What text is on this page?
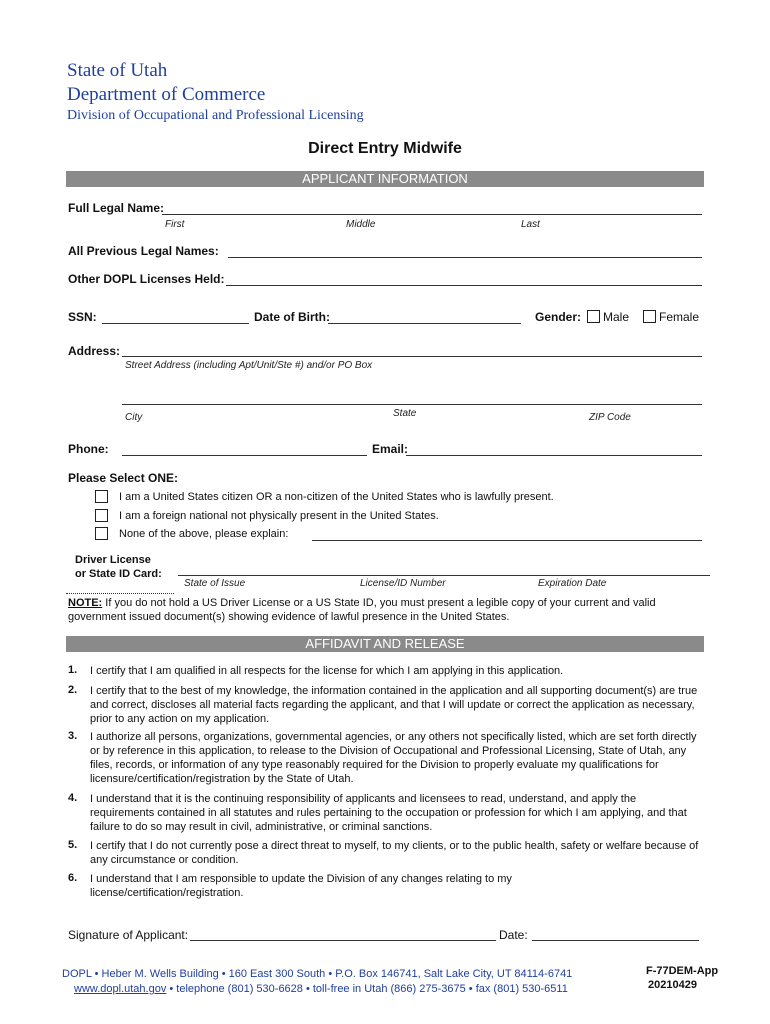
State of Utah
Department of Commerce
Division of Occupational and Professional Licensing
Direct Entry Midwife
APPLICANT INFORMATION
Full Legal Name:
First	Middle	Last
All Previous Legal Names:
Other DOPL Licenses Held:
SSN:	Date of Birth:	Gender: Male Female
Address:
Street Address (including Apt/Unit/Ste #) and/or PO Box
City	State	ZIP Code
Phone:	Email:
Please Select ONE:
I am a United States citizen OR a non-citizen of the United States who is lawfully present.
I am a foreign national not physically present in the United States.
None of the above, please explain:
Driver License
or State ID Card:
State of Issue	License/ID Number	Expiration Date
NOTE: If you do not hold a US Driver License or a US State ID, you must present a legible copy of your current and valid government issued document(s) showing evidence of lawful presence in the United States.
AFFIDAVIT AND RELEASE
1. I certify that I am qualified in all respects for the license for which I am applying in this application.
2. I certify that to the best of my knowledge, the information contained in the application and all supporting document(s) are true and correct, discloses all material facts regarding the applicant, and that I will update or correct the application as necessary, prior to any action on my application.
3. I authorize all persons, organizations, governmental agencies, or any others not specifically listed, which are set forth directly or by reference in this application, to release to the Division of Occupational and Professional Licensing, State of Utah, any files, records, or information of any type reasonably required for the Division to properly evaluate my qualifications for licensure/certification/registration by the State of Utah.
4. I understand that it is the continuing responsibility of applicants and licensees to read, understand, and apply the requirements contained in all statutes and rules pertaining to the occupation or profession for which I am applying, and that failure to do so may result in civil, administrative, or criminal sanctions.
5. I certify that I do not currently pose a direct threat to myself, to my clients, or to the public health, safety or welfare because of any circumstance or condition.
6. I understand that I am responsible to update the Division of any changes relating to my license/certification/registration.
Signature of Applicant:	Date:
DOPL • Heber M. Wells Building • 160 East 300 South • P.O. Box 146741, Salt Lake City, UT 84114-6741
www.dopl.utah.gov • telephone (801) 530-6628 • toll-free in Utah (866) 275-3675 • fax (801) 530-6511
F-77DEM-App
20210429
